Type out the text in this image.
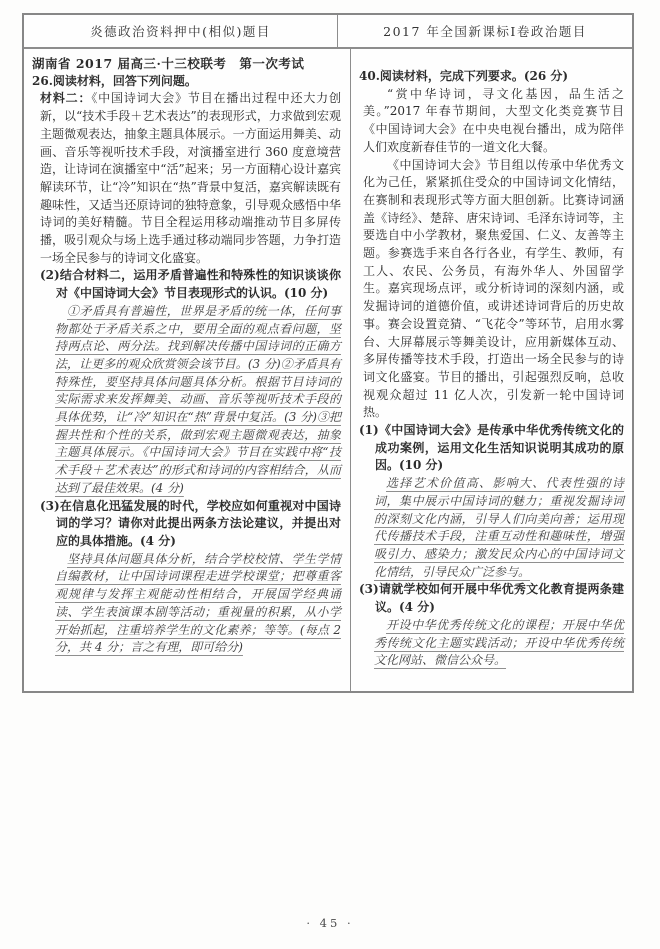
炎德政治资料押中(相似)题目	2017 年全国新课标Ⅰ卷政治题目
湖南省 2017 届高三·十三校联考　第一次考试
26.阅读材料，回答下列问题。

材料二：《中国诗词大会》节目在播出过程中还大力创新，以“技术手段＋艺术表达”的表现形式，力求做到宏观主题微观表达，抽象主题具体展示。一方面运用舞美、动画、音乐等视听技术手段，对演播室进行 360 度意境营造，让诗词在演播室中“活”起来；另一方面精心设计嘉宾解读环节，让“冷”知识在“热”背景中复活，嘉宾解读既有趣味性，又适当还原诗词的独特意象，引导观众感悟中华诗词的美好精髓。节目全程运用移动端推动节目多屏传播，吸引观众与场上选手通过移动端同步答题，力争打造一场全民参与的诗词文化盛宴。

(2)结合材料二，运用矛盾普遍性和特殊性的知识谈谈你对《中国诗词大会》节目表现形式的认识。(10 分)

①矛盾具有普遍性，世界是矛盾的统一体，任何事物都处于矛盾关系之中，要用全面的观点看问题，坚持两点论、两分法。找到解决传播中国诗词的正确方法，让更多的观众欣赏领会该节目。(3 分)②矛盾具有特殊性，要坚持具体问题具体分析。根据节目诗词的实际需求来发挥舞美、动画、音乐等视听技术手段的具体优势，让“冷”知识在“热”背景中复活。(3 分)③把握共性和个性的关系，做到宏观主题微观表达，抽象主题具体展示。《中国诗词大会》节目在实践中将“技术手段＋艺术表达”的形式和诗词的内容相结合，从而达到了最佳效果。(4 分)

(3)在信息化迅猛发展的时代，学校应如何重视对中国诗词的学习？请你对此提出两条方法论建议，并提出对应的具体措施。(4 分)

坚持具体问题具体分析，结合学校校情、学生学情自编教材，让中国诗词课程走进学校课堂；把尊重客观规律与发挥主观能动性相结合，开展国学经典诵读、学生表演课本剧等活动；重视量的积累，从小学开始抓起，注重培养学生的文化素养；等等。(每点 2 分，共 4 分；言之有理，即可给分)

40.阅读材料，完成下列要求。(26 分)

“赏中华诗词，寻文化基因，品生活之美。”2017 年春节期间，大型文化类竞赛节目《中国诗词大会》在中央电视台播出，成为陪伴人们欢度新春佳节的一道文化大餐。

《中国诗词大会》节目组以传承中华优秀文化为己任，紧紧抓住受众的中国诗词文化情结，在赛制和表现形式等方面大胆创新。比赛诗词涵盖《诗经》、楚辞、唐宋诗词、毛泽东诗词等，主要选自中小学教材，聚焦爱国、仁义、友善等主题。参赛选手来自各行各业，有学生、教师，有工人、农民、公务员，有海外华人、外国留学生。嘉宾现场点评，或分析诗词的深刻内涵，或发掘诗词的道德价值，或讲述诗词背后的历史故事。赛会设置竞猜、“飞花令”等环节，启用水雾台、大屏幕展示等舞美设计，应用新媒体互动、多屏传播等技术手段，打造出一场全民参与的诗词文化盛宴。节目的播出，引起强烈反响，总收视观众超过 11 亿人次，引发新一轮中国诗词热。

(1)《中国诗词大会》是传承中华优秀传统文化的成功案例，运用文化生活知识说明其成功的原因。(10 分)

选择艺术价值高、影响大、代表性强的诗词，集中展示中国诗词的魅力；重视发掘诗词的深刻文化内涵，引导人们向美向善；运用现代传播技术手段，注重互动性和趣味性，增强吸引力、感染力；激发民众内心的中国诗词文化情结，引导民众广泛参与。

(3)请就学校如何开展中华优秀文化教育提两条建议。(4 分)

开设中华优秀传统文化的课程；开展中华优秀传统文化主题实践活动；开设中华优秀传统文化网站、微信公众号。

· 45 ·
